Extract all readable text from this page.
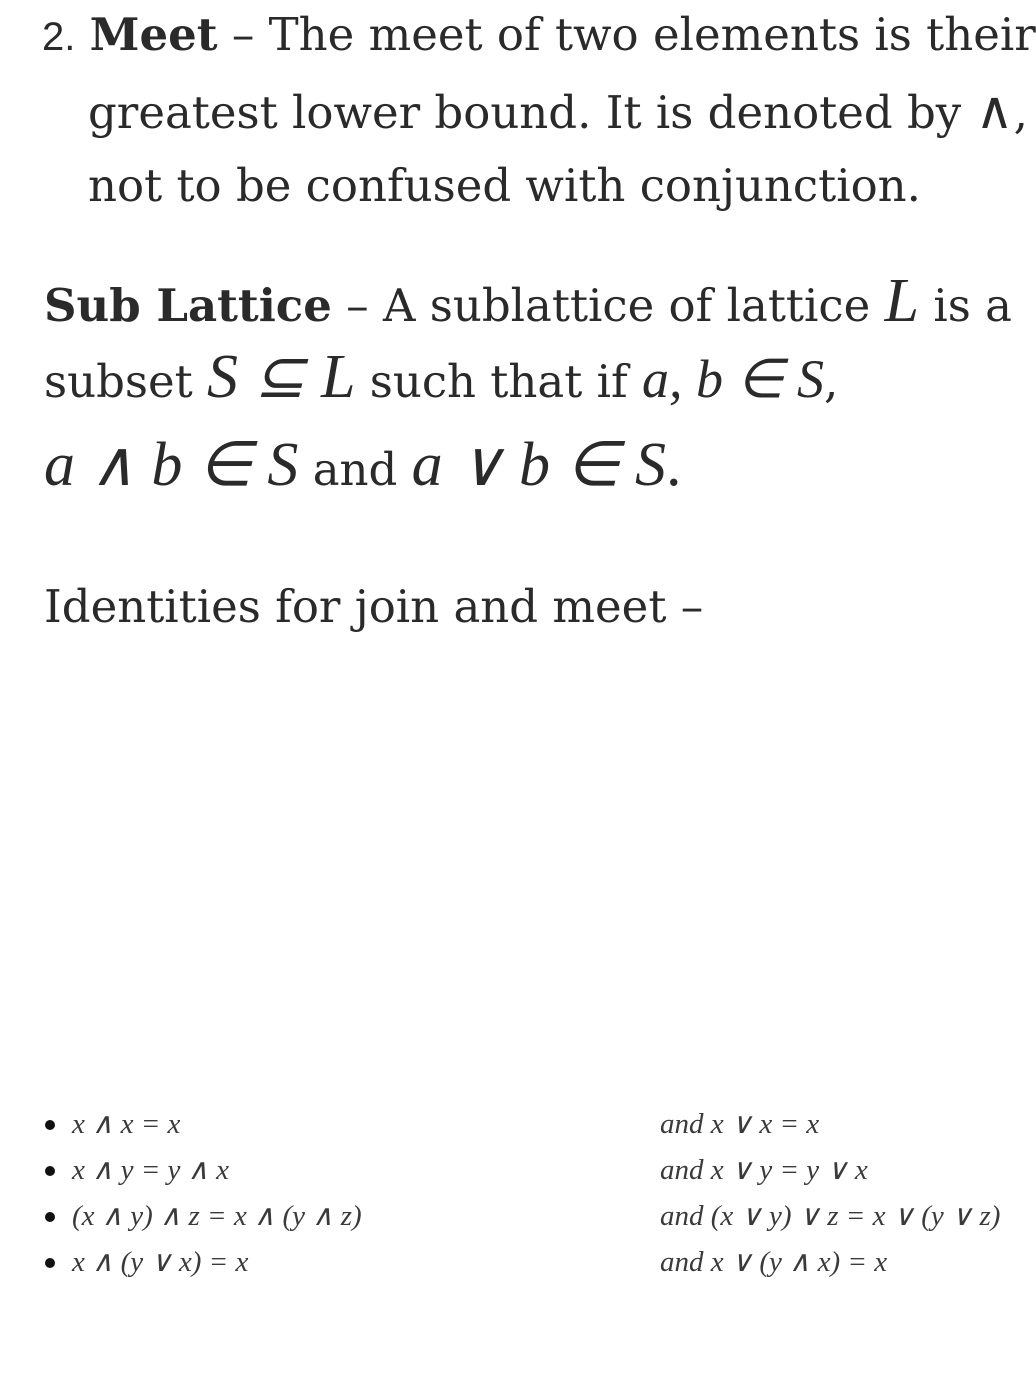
2. Meet – The meet of two elements is their
greatest lower bound. It is denoted by ∧,
not to be confused with conjunction.
Sub Lattice – A sublattice of lattice L is a
subset S ⊆ L such that if a, b ∈ S,
a ∧ b ∈ S and a ∨ b ∈ S.
Identities for join and meet –
x ∧ x = x	and x ∨ x = x
x ∧ y = y ∧ x	and x ∨ y = y ∨ x
(x ∧ y) ∧ z = x ∧ (y ∧ z)	and (x ∨ y) ∨ z = x ∨ (y ∨ z)
x ∧ (y ∨ x) = x	and x ∨ (y ∧ x) = x
